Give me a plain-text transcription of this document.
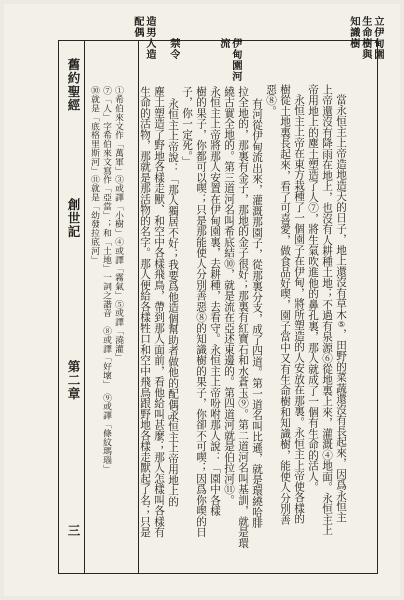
舊約聖經
創世記
第二章
三
立伊甸園
生命樹與
知識樹
伊甸園河
流
禁令
造男人造
配偶
當永恒主上帝造地造天的日子，地上還沒有草木⑤，田野的菜蔬還沒有長起來，因爲永恒主
上帝還沒有降雨在地上，也沒有人耕種土地；不過有泉源⑥從地裏上來，灌溉④地面。永恒主上
帝用地上的塵土塑造了人⑦，將生氣吹進他的鼻孔裏，那人就成了一個有生命的活人。
永恒主上帝在東方栽種了一個園子在伊甸，將所塑造的人安放在那裏。永恒主上帝使各樣的
樹從土地裏長起來，看了可喜愛，做食品好喫，園子當中又有生命樹和知識樹，能使人分別善
惡⑧。
有河從伊甸流出來，灌溉那園子，從那裏分支，成了四道。第一道名叫比遜，就是環繞哈腓
拉全地的，那裏有金子，那地的金子很好；那裏有紅寶石和水蒼玉⑨。第二道河名叫基訓，就是環
繞古實全地的。第三道河名叫希底結⑩，就是流在亞述東邊的。第四道河就是伯拉河⑪。
永恒主上帝將那人安置在伊甸園裏，去耕種，去看守。永恒主上帝吩咐那人說：「園中各樣
樹的果子，你都可以喫；只是那能使人分別善惡⑧的知識樹的果子，你卻不可喫；因爲你喫的日
子，你一定死。」
永恒主上帝說：「那人獨居不好；我要爲他造個幫助者做他的配偶。」
永恒主上帝用地上的
塵土塑造了野地各樣走獸、和空中各樣飛鳥，帶到那人面前，看他給叫甚麼；那人怎樣叫各樣有
生命的活物，那就是那活物的名字。那人便給各樣牲口和空中飛鳥跟野地各樣走獸起了名；只是
①希伯來文作「萬軍」③或譯「小樹」④或譯「霧氣」⑤或譯「澆灌」
⑦「人」字希伯來文寫作「亞當」；和「土地」一詞之諧音　⑧或譯「好壞」　⑨或譯「條紋瑪瑙」
⑩就是「底格里斯河」⑪就是「幼發拉底河」
